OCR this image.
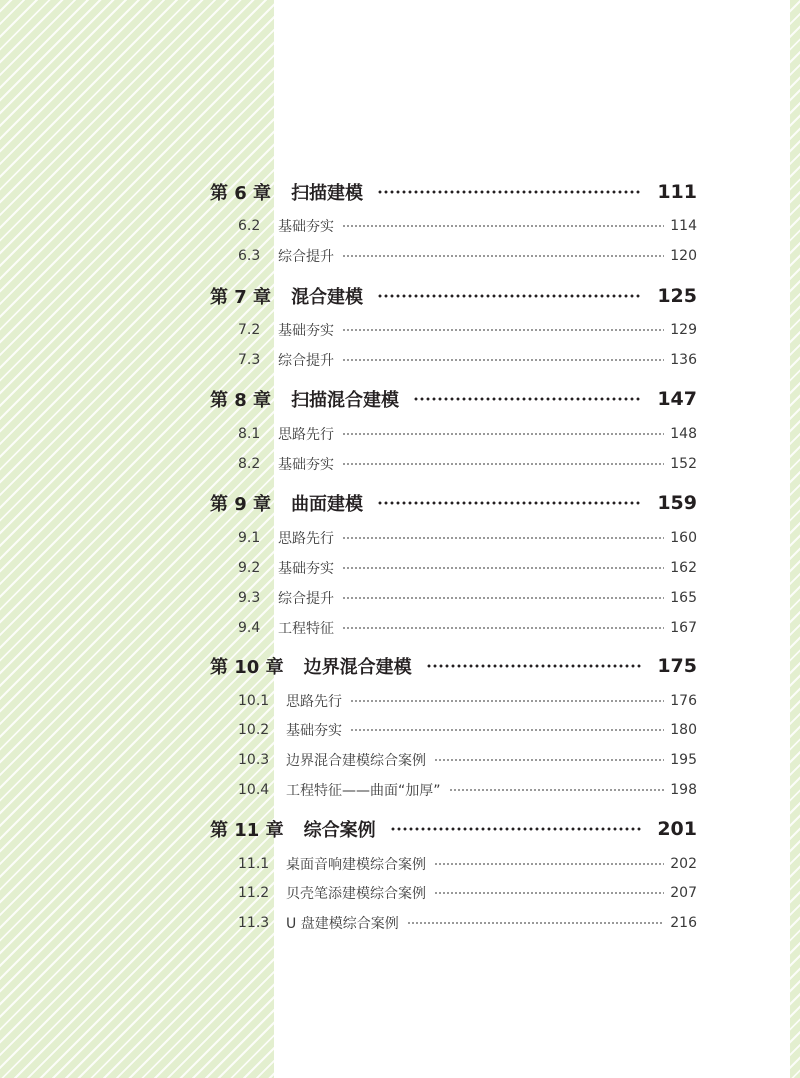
第 6 章 扫描建模	111
6.2	基础夯实	114
6.3	综合提升	120
第 7 章 混合建模	125
7.2	基础夯实	129
7.3	综合提升	136
第 8 章 扫描混合建模	147
8.1	思路先行	148
8.2	基础夯实	152
第 9 章 曲面建模	159
9.1	思路先行	160
9.2	基础夯实	162
9.3	综合提升	165
9.4	工程特征	167
第 10 章 边界混合建模	175
10.1	思路先行	176
10.2	基础夯实	180
10.3	边界混合建模综合案例	195
10.4	工程特征——曲面“加厚”	198
第 11 章 综合案例	201
11.1	桌面音响建模综合案例	202
11.2	贝壳笔添建模综合案例	207
11.3	U 盘建模综合案例	216
